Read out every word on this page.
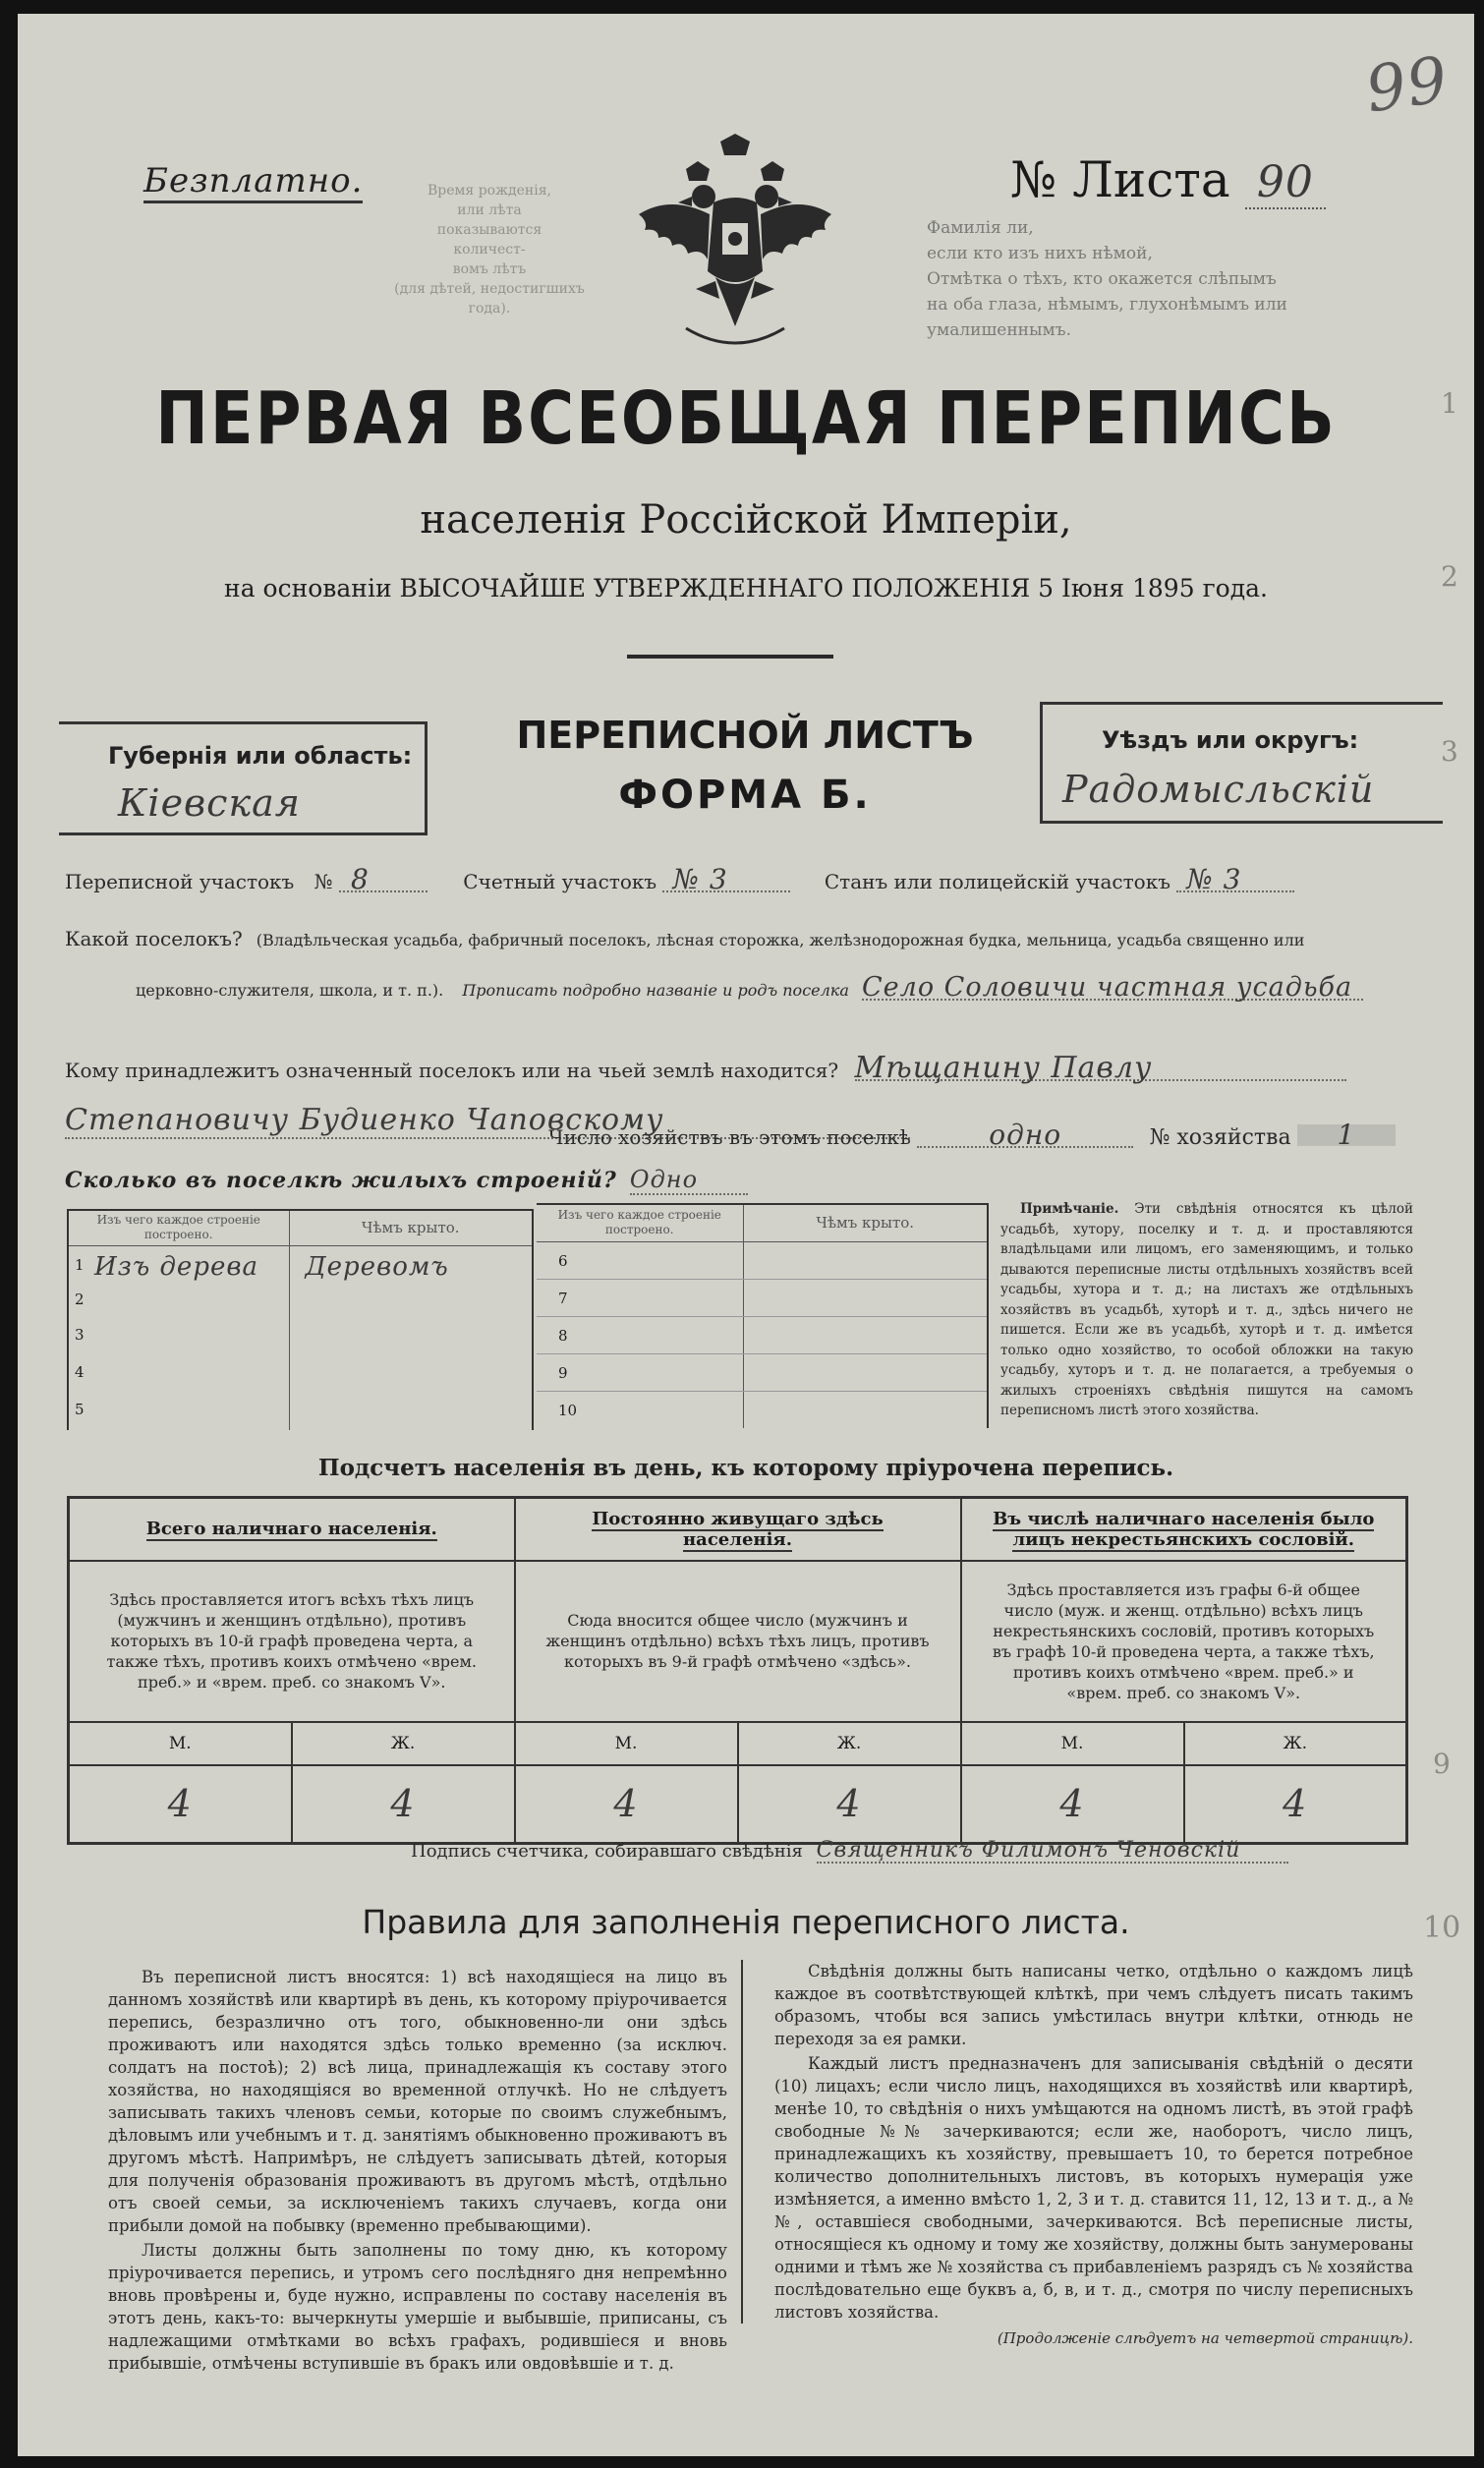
99
Время рожденія,
или лѣта
показываются
количест-
вомъ лѣтъ
(для дѣтей, недостигшихъ
года).
Фамилія ли,
если кто изъ нихъ нѣмой,
Отмѣтка о тѣхъ, кто окажется слѣпымъ
на оба глаза, нѣмымъ, глухонѣмымъ или
умалишеннымъ.
Безплатно.	№ Листа 90
ПЕРВАЯ ВСЕОБЩАЯ ПЕРЕПИСЬ
населенія Россійской Имперіи,
на основаніи ВЫСОЧАЙШЕ УТВЕРЖДЕННАГО ПОЛОЖЕНІЯ 5 Іюня 1895 года.
Губернія или область:
Кіевская
ПЕРЕПИСНОЙ ЛИСТЪ
ФОРМА Б.
Уѣздъ или округъ:
Радомысльскій
Переписной участокъ № 8	Счетный участокъ № 3	Станъ или полицейскій участокъ № 3
Какой поселокъ? (Владѣльческая усадьба, фабричный поселокъ, лѣсная сторожка, желѣзнодорожная будка, мельница, усадьба священно или
церковно-служителя, школа, и т. п.). Прописать подробно названіе и родъ поселка Село Соловичи частная усадьба
Кому принадлежитъ означенный поселокъ или на чьей землѣ находится? Мѣщанину Павлу
Степановичу Будиенко Чаповскому
Число хозяйствъ въ этомъ поселкѣ	одно	№ хозяйства 1
Сколько въ поселкѣ жилыхъ строеній? Одно
Изъ чего каждое строеніе построено.	Чѣмъ крыто.

1 Изъ дерева	Деревомъ

2	

3	

4	

5	

Изъ чего каждое строеніе построено.	Чѣмъ крыто.
6	
7	
8	
9	
10	
Примѣчаніе. Эти свѣдѣнія относятся къ цѣлой усадьбѣ, хутору, поселку и т. д. и проставляются владѣльцами или лицомъ, его заменяющимъ, и только дываются переписные листы отдѣльныхъ хозяйствъ всей усадьбы, хутора и т. д.; на листахъ же отдѣльныхъ хозяйствъ въ усадьбѣ, хуторѣ и т. д., здѣсь ничего не пишется. Если же въ усадьбѣ, хуторѣ и т. д. имѣется только одно хозяйство, то особой обложки на такую усадьбу, хуторъ и т. д. не полагается, а требуемыя о жилыхъ строеніяхъ свѣдѣнія пишутся на самомъ переписномъ листѣ этого хозяйства.
Подсчетъ населенія въ день, къ которому пріурочена перепись.
Всего наличнаго населенія.		Постоянно живущаго здѣсь населенія.		Въ числѣ наличнаго населенія было лицъ некрестьянскихъ сословій.	
Здѣсь проставляется итогъ всѣхъ тѣхъ лицъ (мужчинъ и женщинъ отдѣльно), противъ которыхъ въ 10-й графѣ проведена черта, а также тѣхъ, противъ коихъ отмѣчено «врем. преб.» и «врем. преб. со знакомъ V».		Сюда вносится общее число (мужчинъ и женщинъ отдѣльно) всѣхъ тѣхъ лицъ, противъ которыхъ въ 9-й графѣ отмѣчено «здѣсь».		Здѣсь проставляется изъ графы 6-й общее число (муж. и женщ. отдѣльно) всѣхъ лицъ некрестьянскихъ сословій, противъ которыхъ въ графѣ 10-й проведена черта, а также тѣхъ, противъ коихъ отмѣчено «врем. преб.» и «врем. преб. со знакомъ V».	
М.	Ж.	М.	Ж.	М.	Ж.
4	4	4	4	4	4
Подпись счетчика, собиравшаго свѣдѣнія Священникъ Филимонъ Ченовскій
Правила для заполненія переписного листа.

Въ переписной листъ вносятся: 1) всѣ находящіеся на лицо въ данномъ хозяйствѣ или квартирѣ въ день, къ которому пріурочивается перепись, безразлично отъ того, обыкновенно-ли они здѣсь проживаютъ или находятся здѣсь только временно (за исключ. солдатъ на постоѣ); 2) всѣ лица, принадлежащія къ составу этого хозяйства, но находящіяся во временной отлучкѣ. Но не слѣдуетъ записывать такихъ членовъ семьи, которые по своимъ служебнымъ, дѣловымъ или учебнымъ и т. д. занятіямъ обыкновенно проживаютъ въ другомъ мѣстѣ. Напримѣръ, не слѣдуетъ записывать дѣтей, которыя для полученія образованія проживаютъ въ другомъ мѣстѣ, отдѣльно отъ своей семьи, за исключеніемъ такихъ случаевъ, когда они прибыли домой на побывку (временно пребывающими).

Листы должны быть заполнены по тому дню, къ которому пріурочивается перепись, и утромъ сего послѣдняго дня непремѣнно вновь провѣрены и, буде нужно, исправлены по составу населенія въ этотъ день, какъ-то: вычеркнуты умершіе и выбывшіе, приписаны, съ надлежащими отмѣтками во всѣхъ графахъ, родившіеся и вновь прибывшіе, отмѣчены вступившіе въ бракъ или овдовѣвшіе и т. д.

Свѣдѣнія должны быть написаны четко, отдѣльно о каждомъ лицѣ каждое въ соотвѣтствующей клѣткѣ, при чемъ слѣдуетъ писать такимъ образомъ, чтобы вся запись умѣстилась внутри клѣтки, отнюдь не переходя за ея рамки.

Каждый листъ предназначенъ для записыванія свѣдѣній о десяти (10) лицахъ; если число лицъ, находящихся въ хозяйствѣ или квартирѣ, менѣе 10, то свѣдѣнія о нихъ умѣщаются на одномъ листѣ, въ этой графѣ свободные №№ зачеркиваются; если же, наоборотъ, число лицъ, принадлежащихъ къ хозяйству, превышаетъ 10, то берется потребное количество дополнительныхъ листовъ, въ которыхъ нумерація уже измѣняется, а именно вмѣсто 1, 2, 3 и т. д. ставится 11, 12, 13 и т. д., а №№, оставшіеся свободными, зачеркиваются. Всѣ переписные листы, относящіеся къ одному и тому же хозяйству, должны быть занумерованы одними и тѣмъ же № хозяйства съ прибавленіемъ разрядъ съ № хозяйства послѣдовательно еще буквъ а, б, в, и т. д., смотря по числу переписныхъ листовъ хозяйства.

(Продолженіе слѣдуетъ на четвертой страницѣ).
1
2
3
9
10
